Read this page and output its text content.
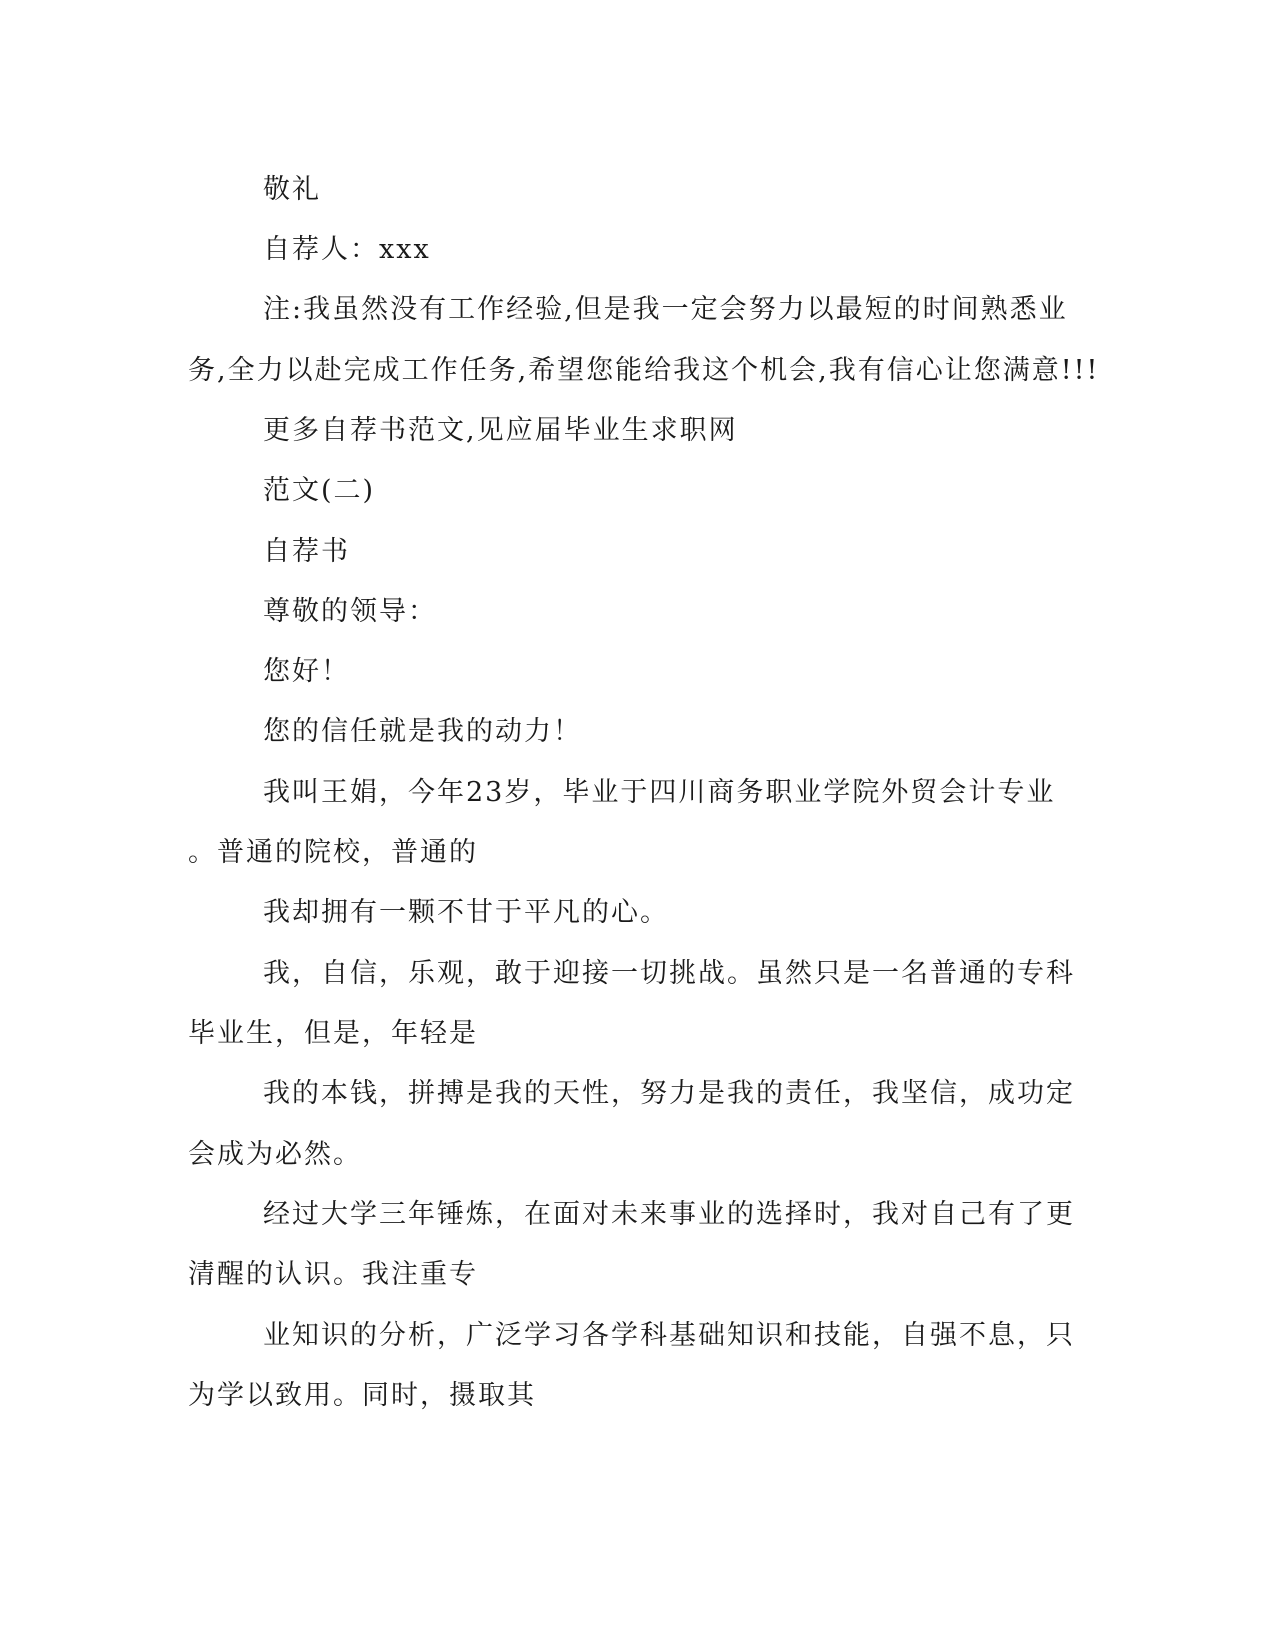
敬礼
自荐人：xxx
注:我虽然没有工作经验,但是我一定会努力以最短的时间熟悉业
务,全力以赴完成工作任务,希望您能给我这个机会,我有信心让您满意!!!
更多自荐书范文,见应届毕业生求职网
范文(二)
自荐书
尊敬的领导：
您好！
您的信任就是我的动力！
我叫王娟，今年23岁，毕业于四川商务职业学院外贸会计专业
。普通的院校，普通的
我却拥有一颗不甘于平凡的心。
我，自信，乐观，敢于迎接一切挑战。虽然只是一名普通的专科
毕业生，但是，年轻是
我的本钱，拼搏是我的天性，努力是我的责任，我坚信，成功定
会成为必然。
经过大学三年锤炼，在面对未来事业的选择时，我对自己有了更
清醒的认识。我注重专
业知识的分析，广泛学习各学科基础知识和技能，自强不息，只
为学以致用。同时，摄取其
